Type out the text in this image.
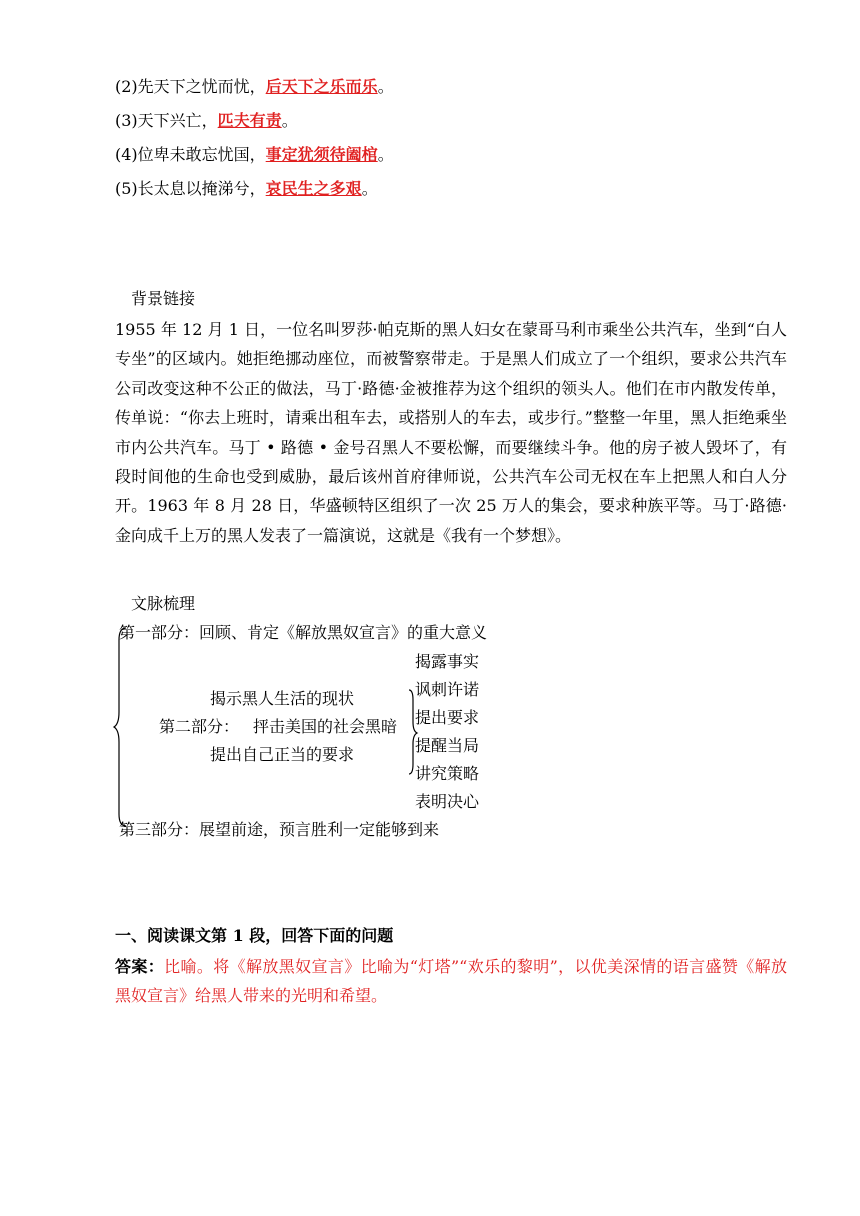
(2)先天下之忧而忧，后天下之乐而乐。
(3)天下兴亡，匹夫有责。
(4)位卑未敢忘忧国，事定犹须待阖棺。
(5)长太息以掩涕兮，哀民生之多艰。
背景链接
1955 年 12 月 1 日，一位名叫罗莎·帕克斯的黑人妇女在蒙哥马利市乘坐公共汽车，坐到“白人专坐”的区域内。她拒绝挪动座位，而被警察带走。于是黑人们成立了一个组织，要求公共汽车公司改变这种不公正的做法，马丁·路德·金被推荐为这个组织的领头人。他们在市内散发传单，传单说：“你去上班时，请乘出租车去，或搭别人的车去，或步行。”整整一年里，黑人拒绝乘坐市内公共汽车。马丁 • 路德 • 金号召黑人不要松懈，而要继续斗争。他的房子被人毁坏了，有段时间他的生命也受到威胁，最后该州首府律师说，公共汽车公司无权在车上把黑人和白人分开。1963 年 8 月 28 日，华盛顿特区组织了一次 25 万人的集会，要求种族平等。马丁·路德·金向成千上万的黑人发表了一篇演说，这就是《我有一个梦想》。
文脉梳理
第一部分：回顾、肯定《解放黑奴宣言》的重大意义
揭露事实
讽刺许诺
提出要求
提醒当局
讲究策略
表明决心
揭示黑人生活的现状
第二部分： 抨击美国的社会黑暗
提出自己正当的要求
第三部分：展望前途，预言胜利一定能够到来
一、阅读课文第 1 段，回答下面的问题
答案：比喻。将《解放黑奴宣言》比喻为“灯塔”“欢乐的黎明”，以优美深情的语言盛赞《解放黑奴宣言》给黑人带来的光明和希望。
